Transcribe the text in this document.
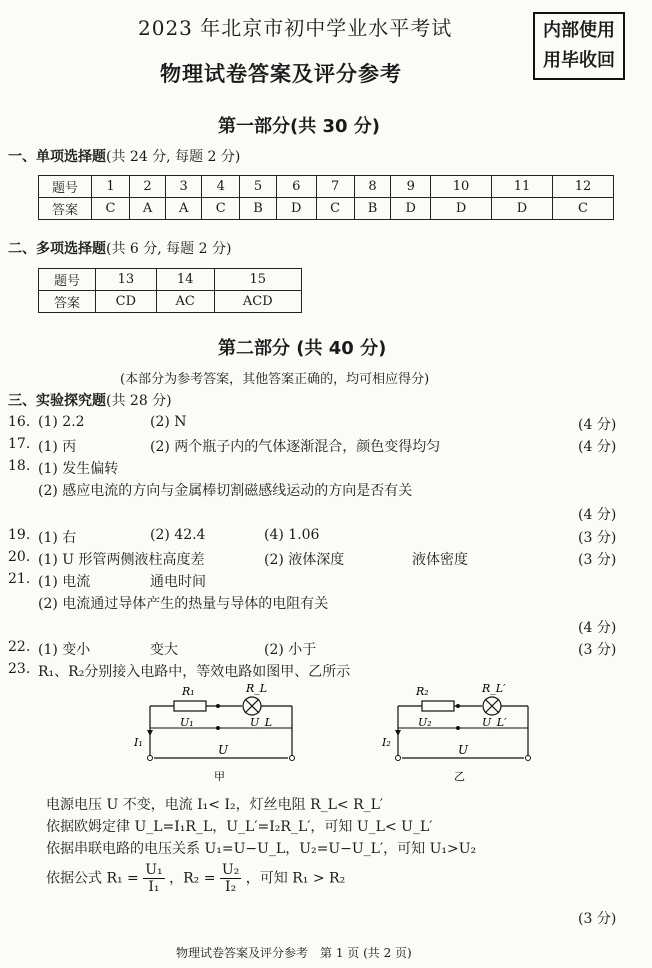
2023 年北京市初中学业水平考试
物理试卷答案及评分参考
内部使用
用毕收回
第一部分(共 30 分)
一、单项选择题(共 24 分, 每题 2 分)
题号	1	2	3	4	5	6	7	8	9	10	11	12
答案	C	A	A	C	B	D	C	B	D	D	D	C
二、多项选择题(共 6 分, 每题 2 分)
题号	13	14	15
答案	CD	AC	ACD
第二部分 (共 40 分)
(本部分为参考答案，其他答案正确的，均可相应得分)
三、实验探究题(共 28 分)
16. (1) 2.2	(2) N	(4 分)
17. (1) 丙	(2) 两个瓶子内的气体逐渐混合，颜色变得均匀	(4 分)
18. (1) 发生偏转
(2) 感应电流的方向与金属棒切割磁感线运动的方向是否有关
(4 分)
19. (1) 右	(2) 42.4	(4) 1.06	(3 分)
20. (1) U 形管两侧液柱高度差	(2) 液体深度	液体密度	(3 分)
21. (1) 电流	通电时间
(2) 电流通过导体产生的热量与导体的电阻有关
(4 分)
22. (1) 变小	变大	(2) 小于	(3 分)
23. R₁、R₂分别接入电路中，等效电路如图甲、乙所示
R₁	R_L
U₁	U_L
I₁
U
甲
R₂	R_L′
U₂	U_L′
I₂
U
乙
电源电压 U 不变，电流 I₁< I₂，灯丝电阻 R_L< R_L′
依据欧姆定律 U_L=I₁R_L，U_L′=I₂R_L′，可知 U_L< U_L′
依据串联电路的电压关系 U₁=U−U_L，U₂=U−U_L′，可知 U₁>U₂
依据公式 $R_1 = \frac{\text{U₁}}{\text{I₁}}$ ，$R_2 = \frac{\text{U₂}}{\text{I₂}}$ ，可知 R₁ > R₂
(3 分)
物理试卷答案及评分参考　第 1 页 (共 2 页)
